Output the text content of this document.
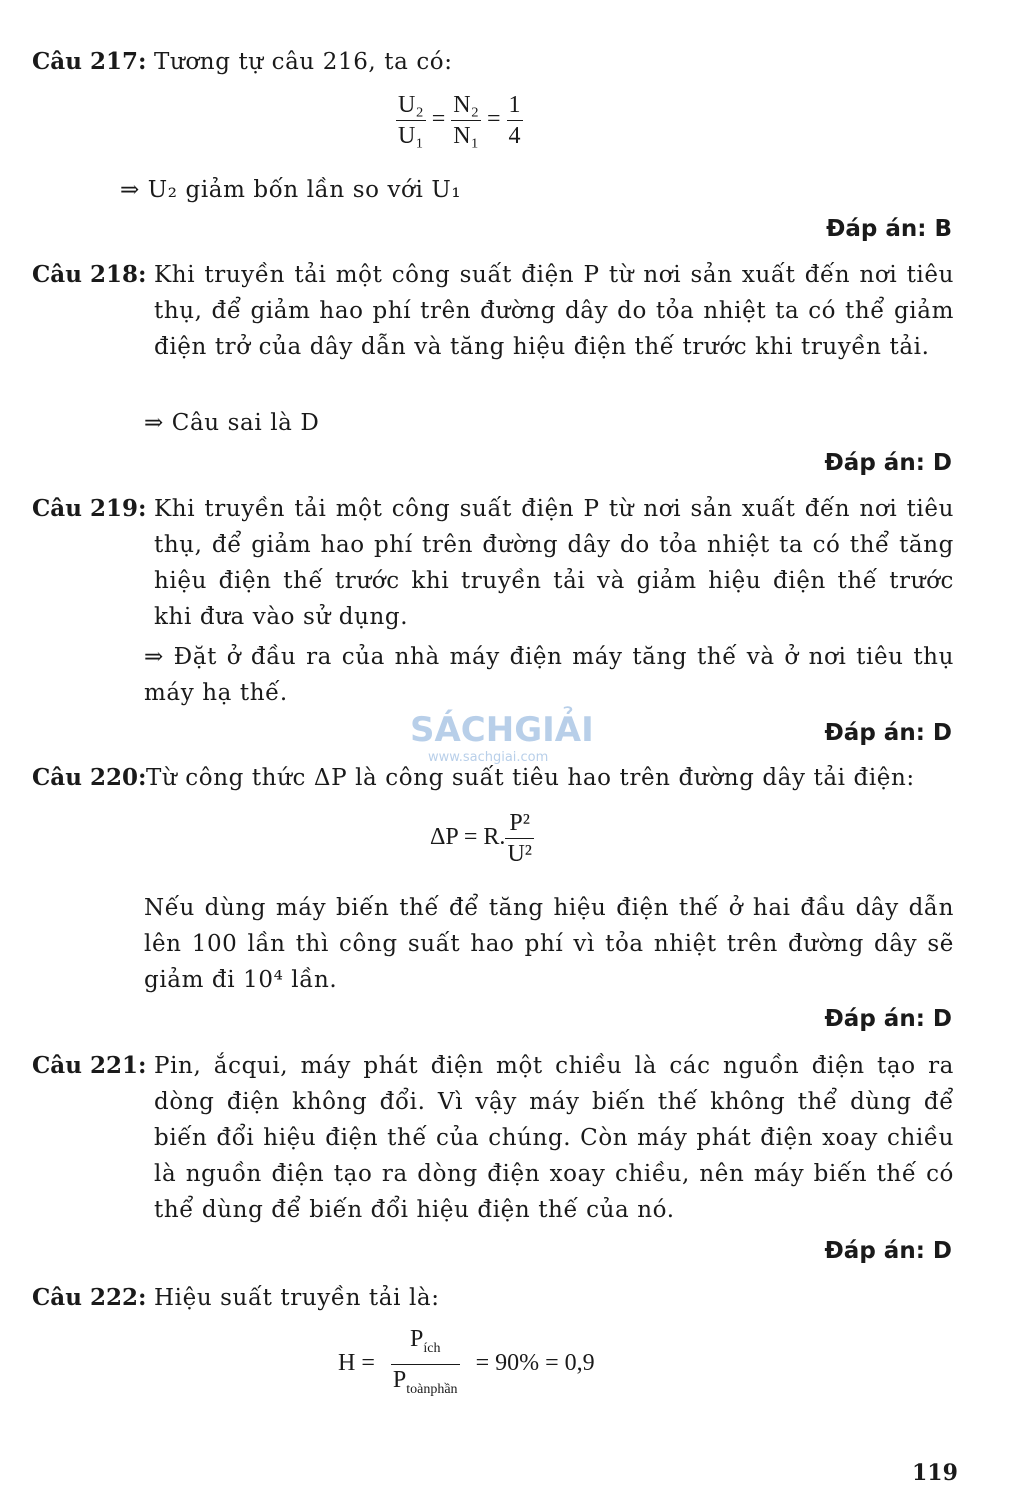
Câu 217: Tương tự câu 216, ta có:
$\frac{\text{U₂}}{\text{U₁}} = \frac{\text{N₂}}{\text{N₁}} = \frac{1}{4}$
⇒ U₂ giảm bốn lần so với U₁
Đáp án: B
Câu 218: Khi truyền tải một công suất điện P từ nơi sản xuất đến nơi tiêu thụ, để giảm hao phí trên đường dây do tỏa nhiệt ta có thể giảm điện trở của dây dẫn và tăng hiệu điện thế trước khi truyền tải.
⇒ Câu sai là D
Đáp án: D
Câu 219: Khi truyền tải một công suất điện P từ nơi sản xuất đến nơi tiêu thụ, để giảm hao phí trên đường dây do tỏa nhiệt ta có thể tăng hiệu điện thế trước khi truyền tải và giảm hiệu điện thế trước khi đưa vào sử dụng.
⇒ Đặt ở đầu ra của nhà máy điện máy tăng thế và ở nơi tiêu thụ máy hạ thế.
Đáp án: D
Câu 220: Từ công thức ΔP là công suất tiêu hao trên đường dây tải điện:
ΔP = R. $\frac{\text{P²}}{\text{U²}}$
Nếu dùng máy biến thế để tăng hiệu điện thế ở hai đầu dây dẫn lên 100 lần thì công suất hao phí vì tỏa nhiệt trên đường dây sẽ giảm đi 10⁴ lần.
Đáp án: D
Câu 221: Pin, ắcqui, máy phát điện một chiều là các nguồn điện tạo ra dòng điện không đổi. Vì vậy máy biến thế không thể dùng để biến đổi hiệu điện thế của chúng. Còn máy phát điện xoay chiều là nguồn điện tạo ra dòng điện xoay chiều, nên máy biến thế có thể dùng để biến đổi hiệu điện thế của nó.
Đáp án: D
Câu 222: Hiệu suất truyền tải là:
$H = \frac{P_{ích}}{P_{toànphần}} = 90\% = 0,9$
SÁCHGIẢI
www.sachgiai.com
119
